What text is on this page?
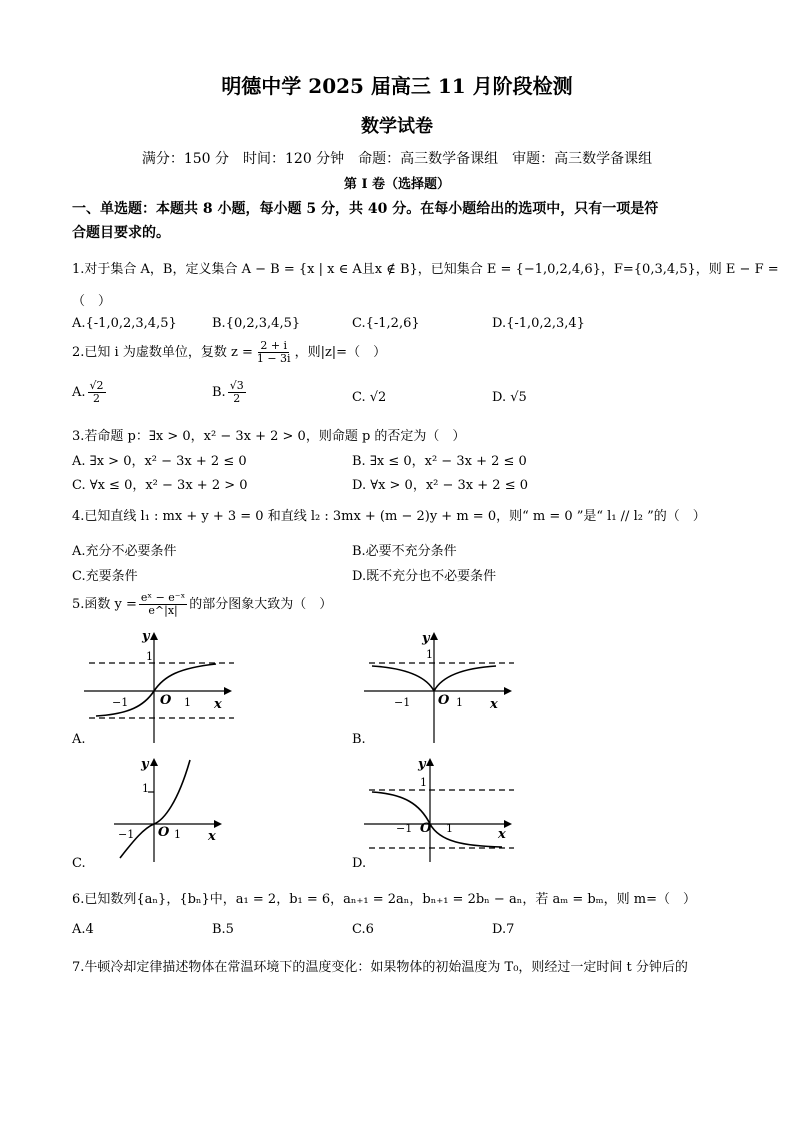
明德中学 2025 届高三 11 月阶段检测
数学试卷
满分：150 分　时间：120 分钟　命题：高三数学备课组　审题：高三数学备课组
第 I 卷（选择题）
一、单选题：本题共 8 小题，每小题 5 分，共 40 分。在每小题给出的选项中，只有一项是符
合题目要求的。
1.对于集合 A，B，定义集合 A − B = {x | x ∈ A且x ∉ B}，已知集合 E = {−1,0,2,4,6}，F={0,3,4,5}，则 E − F =
（　）
A.{-1,0,2,3,4,5}	B.{0,2,3,4,5}	C.{-1,2,6}	D.{-1,0,2,3,4}
2.已知 i 为虚数单位，复数 $z = \frac{2 + i}{1 - 3i}$ ，则|z|=（　）
A. $\frac{√2}{2}$	B. $\frac{√3}{2}$	C. √2	D. √5
3.若命题 p：∃x > 0，x² − 3x + 2 > 0，则命题 p 的否定为（　）
A. ∃x > 0，x² − 3x + 2 ≤ 0	B. ∃x ≤ 0，x² − 3x + 2 ≤ 0
C. ∀x ≤ 0，x² − 3x + 2 > 0	D. ∀x > 0，x² − 3x + 2 ≤ 0
4.已知直线 l₁ : mx + y + 3 = 0 和直线 l₂ : 3mx + (m − 2)y + m = 0，则“ m = 0 ”是“ l₁ // l₂ ”的（　）
A.充分不必要条件	B.必要不充分条件
C.充要条件	D.既不充分也不必要条件
5.函数 $y = \frac{\text{eˣ − e⁻ˣ}}{e\^{}|x|}$ 的部分图象大致为（　）
y
1
O
−1	1 x
A.
y
1
O
−1	1 x
B.
y
1
O
−1	1 x
C.
y
1
O
−1	1	x
D.
6.已知数列{aₙ}，{bₙ}中，a₁ = 2，b₁ = 6，aₙ₊₁ = 2aₙ，bₙ₊₁ = 2bₙ − aₙ，若 aₘ = bₘ，则 m=（　）
A.4	B.5	C.6	D.7
7.牛顿冷却定律描述物体在常温环境下的温度变化：如果物体的初始温度为 T₀，则经过一定时间 t 分钟后的
